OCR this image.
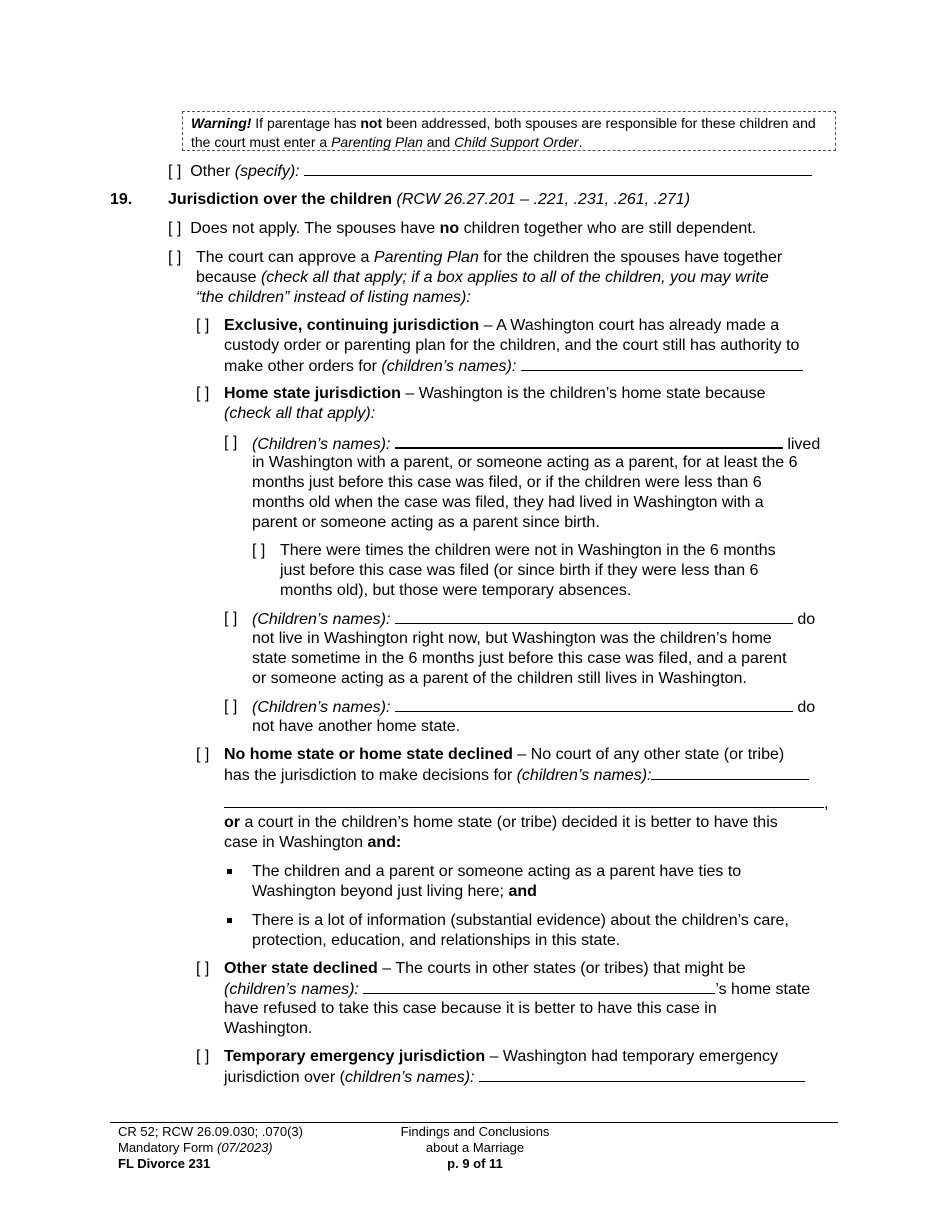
Warning! If parentage has not been addressed, both spouses are responsible for these children and the court must enter a Parenting Plan and Child Support Order.
[ ] Other (specify):
19. Jurisdiction over the children (RCW 26.27.201 – .221, .231, .261, .271)
[ ] Does not apply. The spouses have no children together who are still dependent.
[ ] The court can approve a Parenting Plan for the children the spouses have together
because (check all that apply; if a box applies to all of the children, you may write
“the children” instead of listing names):
[ ] Exclusive, continuing jurisdiction – A Washington court has already made a
custody order or parenting plan for the children, and the court still has authority to
make other orders for (children’s names):
[ ] Home state jurisdiction – Washington is the children’s home state because
(check all that apply):
[ ] (Children’s names):	lived
in Washington with a parent, or someone acting as a parent, for at least the 6
months just before this case was filed, or if the children were less than 6
months old when the case was filed, they had lived in Washington with a
parent or someone acting as a parent since birth.
[ ] There were times the children were not in Washington in the 6 months
just before this case was filed (or since birth if they were less than 6
months old), but those were temporary absences.
[ ] (Children’s names):	do
not live in Washington right now, but Washington was the children’s home
state sometime in the 6 months just before this case was filed, and a parent
or someone acting as a parent of the children still lives in Washington.
[ ] (Children’s names):	do
not have another home state.
[ ] No home state or home state declined – No court of any other state (or tribe)
has the jurisdiction to make decisions for (children’s names):
,
or a court in the children’s home state (or tribe) decided it is better to have this
case in Washington and:
The children and a parent or someone acting as a parent have ties to
Washington beyond just living here; and
There is a lot of information (substantial evidence) about the children’s care,
protection, education, and relationships in this state.
[ ] Other state declined – The courts in other states (or tribes) that might be
(children’s names):	’s home state
have refused to take this case because it is better to have this case in
Washington.
[ ] Temporary emergency jurisdiction – Washington had temporary emergency
jurisdiction over (children’s names):
CR 52; RCW 26.09.030; .070(3)
Mandatory Form (07/2023)
FL Divorce 231
Findings and Conclusions
about a Marriage
p. 9 of 11
